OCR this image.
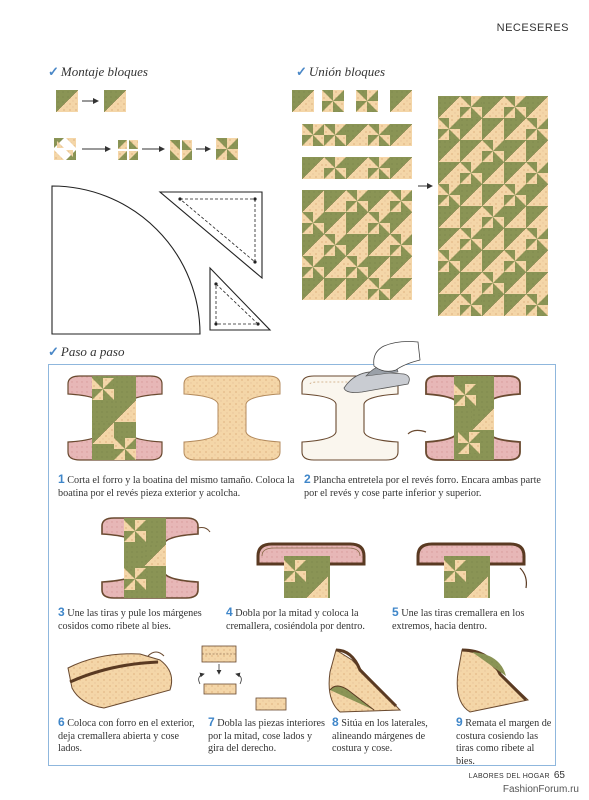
NECESERES
✓ Montaje bloques	✓ Unión bloques
✓ Paso a paso
1 Corta el forro y la boatina del mismo tamaño. Coloca la boatina por el revés pieza exterior y acolcha.
2 Plancha entretela por el revés forro. Encara ambas parte por el revés y cose parte inferior y superior.
3 Une las tiras y pule los márgenes cosidos como ribete al bies.
4 Dobla por la mitad y coloca la cremallera, cosiéndola por dentro.
5 Une las tiras cremallera en los extremos, hacia dentro.
6 Coloca con forro en el exterior, deja cremallera abierta y cose lados.
7 Dobla las piezas interiores por la mitad, cose lados y gira del derecho.
8 Sitúa en los laterales, alineando márgenes de costura y cose.
9 Remata el margen de costura cosiendo las tiras como ribete al bies.
LABORES DEL HOGAR 65
FashionForum.ru
